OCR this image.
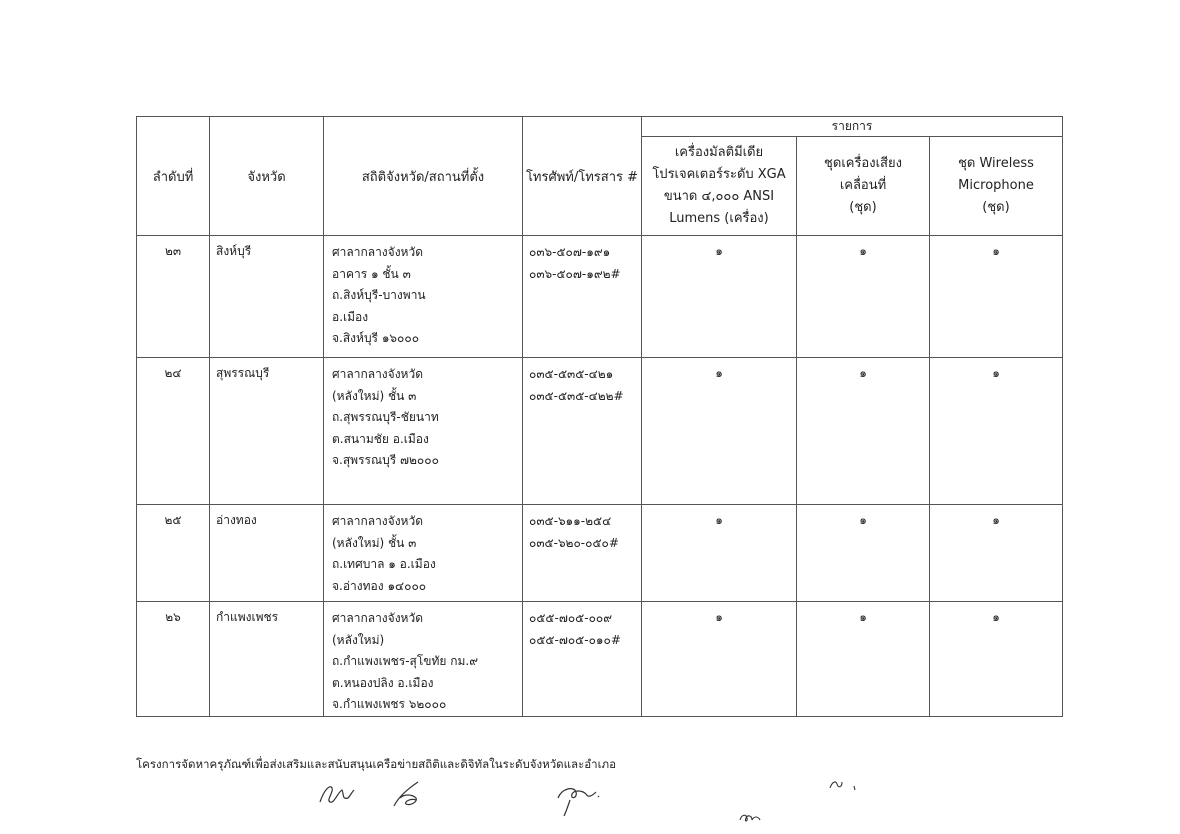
ลำดับที่	จังหวัด	สถิติจังหวัด/สถานที่ตั้ง	โทรศัพท์/โทรสาร #	รายการ		

				เครื่องมัลติมีเดีย
โปรเจคเตอร์ระดับ XGA
ขนาด ๔,๐๐๐ ANSI
Lumens (เครื่อง)	ชุดเครื่องเสียง
เคลื่อนที่
(ชุด)	ชุด Wireless
Microphone
(ชุด)

๒๓	สิงห์บุรี	ศาลากลางจังหวัด
อาคาร ๑ ชั้น ๓
ถ.สิงห์บุรี-บางพาน
อ.เมือง
จ.สิงห์บุรี ๑๖๐๐๐	๐๓๖-๕๐๗-๑๙๑
๐๓๖-๕๐๗-๑๙๒#	๑	๑	๑
๒๔	สุพรรณบุรี	ศาลากลางจังหวัด
(หลังใหม่) ชั้น ๓
ถ.สุพรรณบุรี-ชัยนาท
ต.สนามชัย อ.เมือง
จ.สุพรรณบุรี ๗๒๐๐๐	๐๓๕-๕๓๕-๔๒๑
๐๓๕-๕๓๕-๔๒๒#	๑	๑	๑
๒๕	อ่างทอง	ศาลากลางจังหวัด
(หลังใหม่) ชั้น ๓
ถ.เทศบาล ๑ อ.เมือง
จ.อ่างทอง ๑๔๐๐๐	๐๓๕-๖๑๑-๒๕๔
๐๓๕-๖๒๐-๐๕๐#	๑	๑	๑
๒๖	กำแพงเพชร	ศาลากลางจังหวัด
(หลังใหม่)
ถ.กำแพงเพชร-สุโขทัย กม.๙
ต.หนองปลิง อ.เมือง
จ.กำแพงเพชร ๖๒๐๐๐	๐๕๕-๗๐๕-๐๐๙
๐๕๕-๗๐๕-๐๑๐#	๑	๑	๑
โครงการจัดหาครุภัณฑ์เพื่อส่งเสริมและสนับสนุนเครือข่ายสถิติและดิจิทัลในระดับจังหวัดและอำเภอ
